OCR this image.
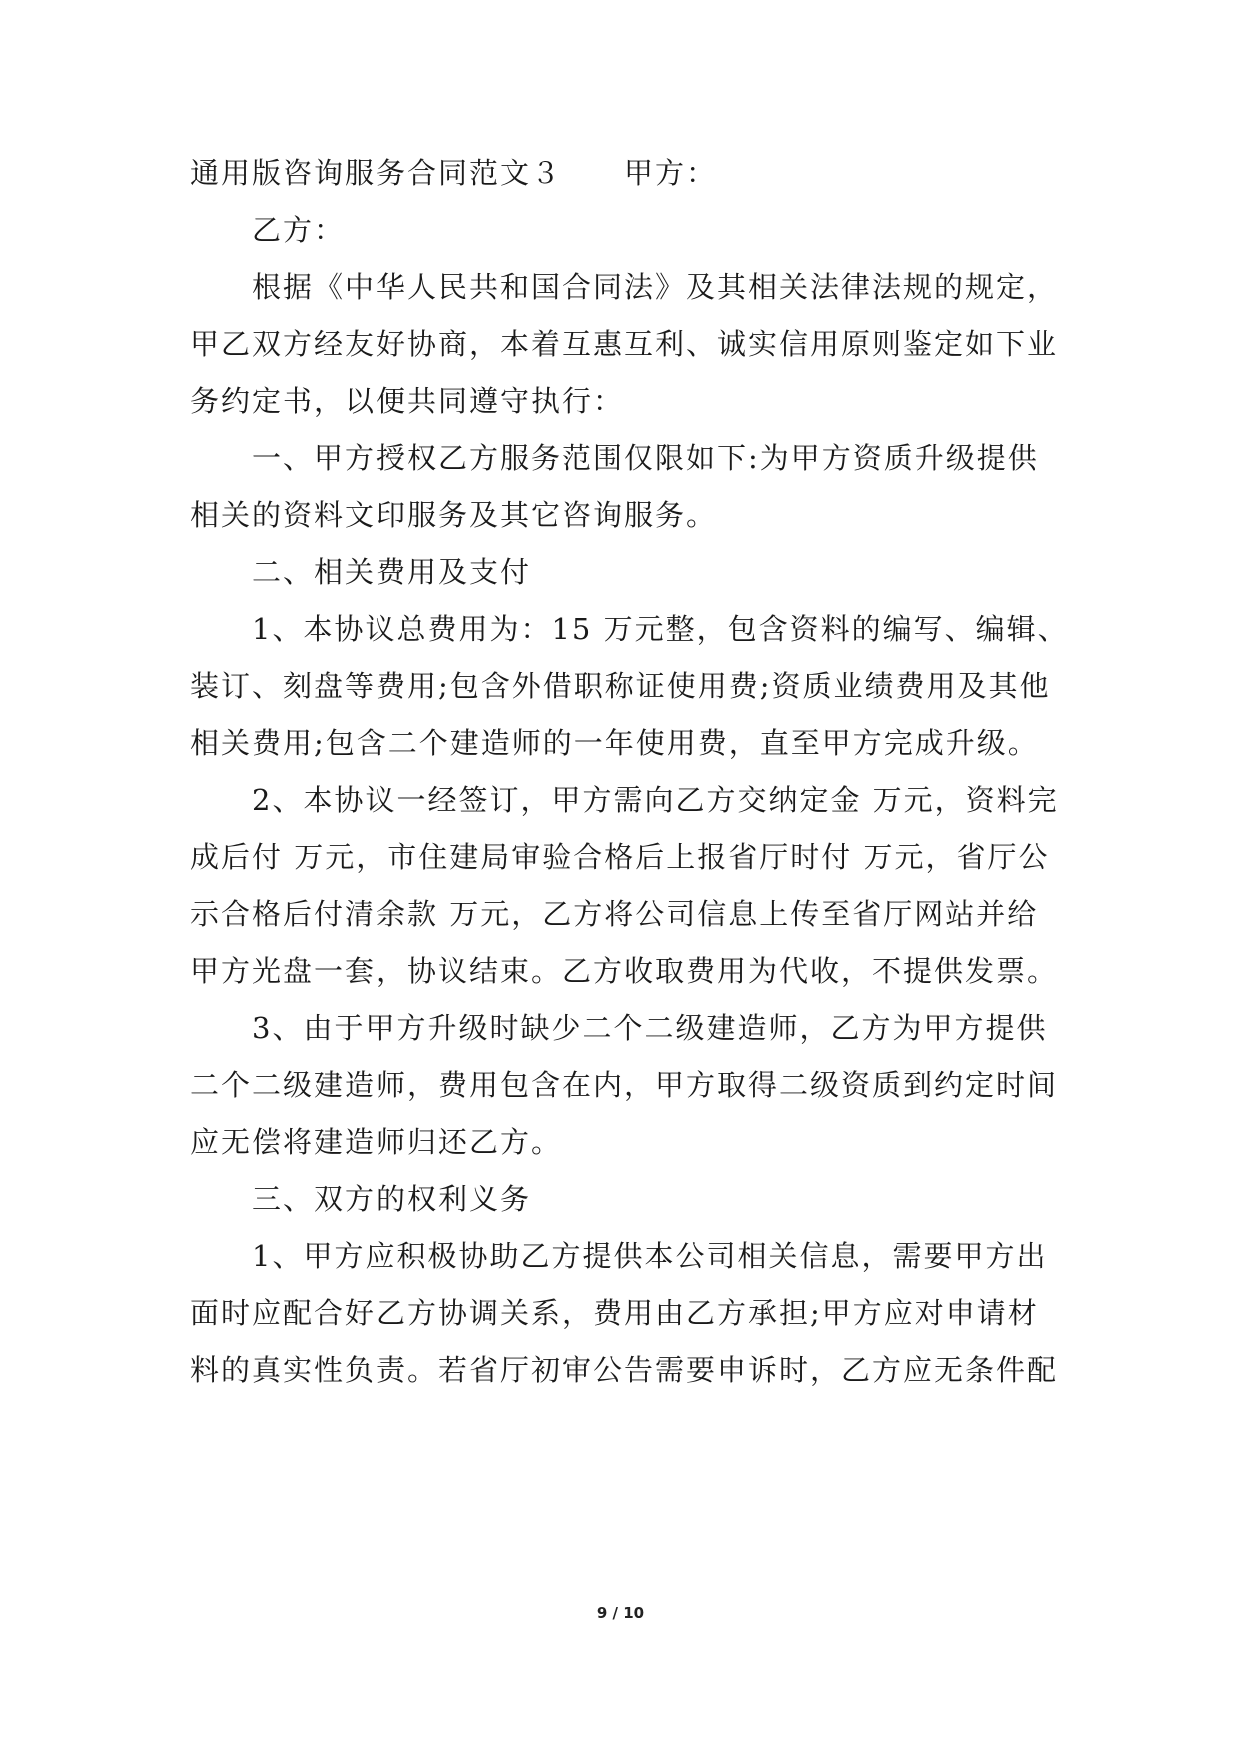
通用版咨询服务合同范文３　　甲方：
乙方：
根据《中华人民共和国合同法》及其相关法律法规的规定，
甲乙双方经友好协商，本着互惠互利、诚实信用原则鉴定如下业
务约定书，以便共同遵守执行：
一、甲方授权乙方服务范围仅限如下:为甲方资质升级提供
相关的资料文印服务及其它咨询服务。
二、相关费用及支付
1、本协议总费用为：15 万元整，包含资料的编写、编辑、
装订、刻盘等费用;包含外借职称证使用费;资质业绩费用及其他
相关费用;包含二个建造师的一年使用费，直至甲方完成升级。
2、本协议一经签订，甲方需向乙方交纳定金 万元，资料完
成后付 万元，市住建局审验合格后上报省厅时付 万元，省厅公
示合格后付清余款 万元，乙方将公司信息上传至省厅网站并给
甲方光盘一套，协议结束。乙方收取费用为代收，不提供发票。
3、由于甲方升级时缺少二个二级建造师，乙方为甲方提供
二个二级建造师，费用包含在内，甲方取得二级资质到约定时间
应无偿将建造师归还乙方。
三、双方的权利义务
1、甲方应积极协助乙方提供本公司相关信息，需要甲方出
面时应配合好乙方协调关系，费用由乙方承担;甲方应对申请材
料的真实性负责。若省厅初审公告需要申诉时，乙方应无条件配
9 / 10
